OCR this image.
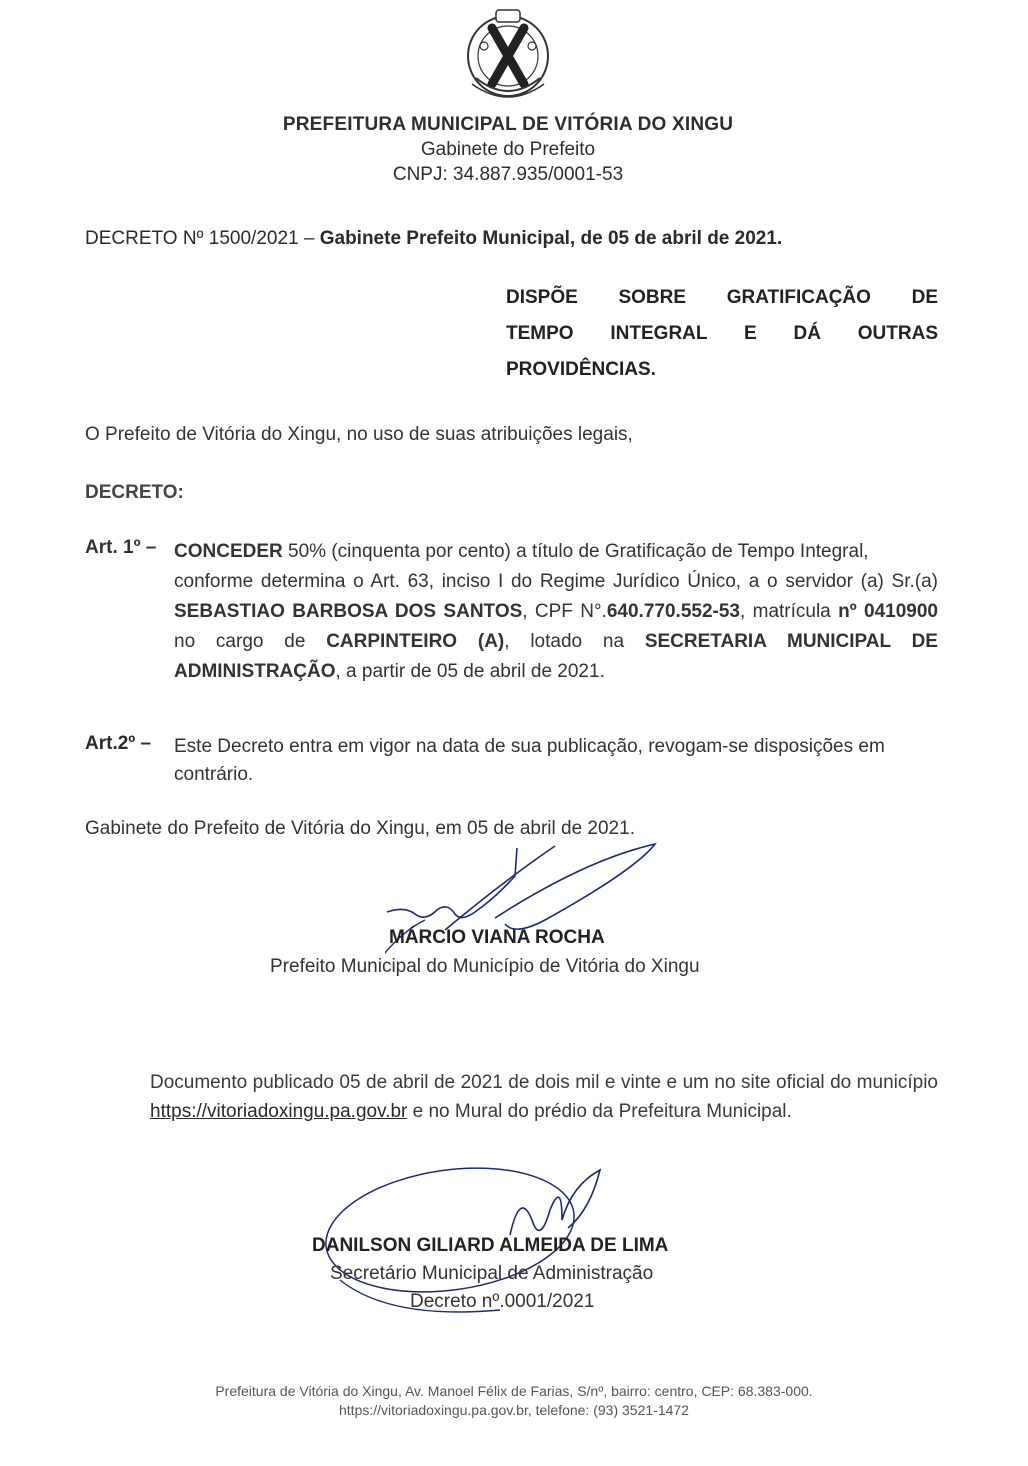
PREFEITURA MUNICIPAL DE VITÓRIA DO XINGU
Gabinete do Prefeito
CNPJ: 34.887.935/0001-53
DECRETO Nº 1500/2021 – Gabinete Prefeito Municipal, de 05 de abril de 2021.
DISPÕE SOBRE GRATIFICAÇÃO DE
TEMPO INTEGRAL E DÁ OUTRAS
PROVIDÊNCIAS.
O Prefeito de Vitória do Xingu, no uso de suas atribuições legais,
DECRETO:
Art. 1º – CONCEDER 50% (cinquenta por cento) a título de Gratificação de Tempo Integral,
conforme determina o Art. 63, inciso I do Regime Jurídico Único, a o servidor (a) Sr.(a) SEBASTIAO BARBOSA DOS SANTOS, CPF N°.640.770.552-53, matrícula nº 0410900 no cargo de CARPINTEIRO (A), lotado na SECRETARIA MUNICIPAL DE ADMINISTRAÇÃO, a partir de 05 de abril de 2021.
Art.2º – Este Decreto entra em vigor na data de sua publicação, revogam-se disposições em contrário.
Gabinete do Prefeito de Vitória do Xingu, em 05 de abril de 2021.
MÁRCIO VIANA ROCHA
Prefeito Municipal do Município de Vitória do Xingu
Documento publicado 05 de abril de 2021 de dois mil e vinte e um no site oficial do município https://vitoriadoxingu.pa.gov.br e no Mural do prédio da Prefeitura Municipal.
DANILSON GILIARD ALMEIDA DE LIMA
Secretário Municipal de Administração
Decreto nº.0001/2021
Prefeitura de Vitória do Xingu, Av. Manoel Félix de Farias, S/nº, bairro: centro, CEP: 68.383-000.
https://vitoriadoxingu.pa.gov.br, telefone: (93) 3521-1472
